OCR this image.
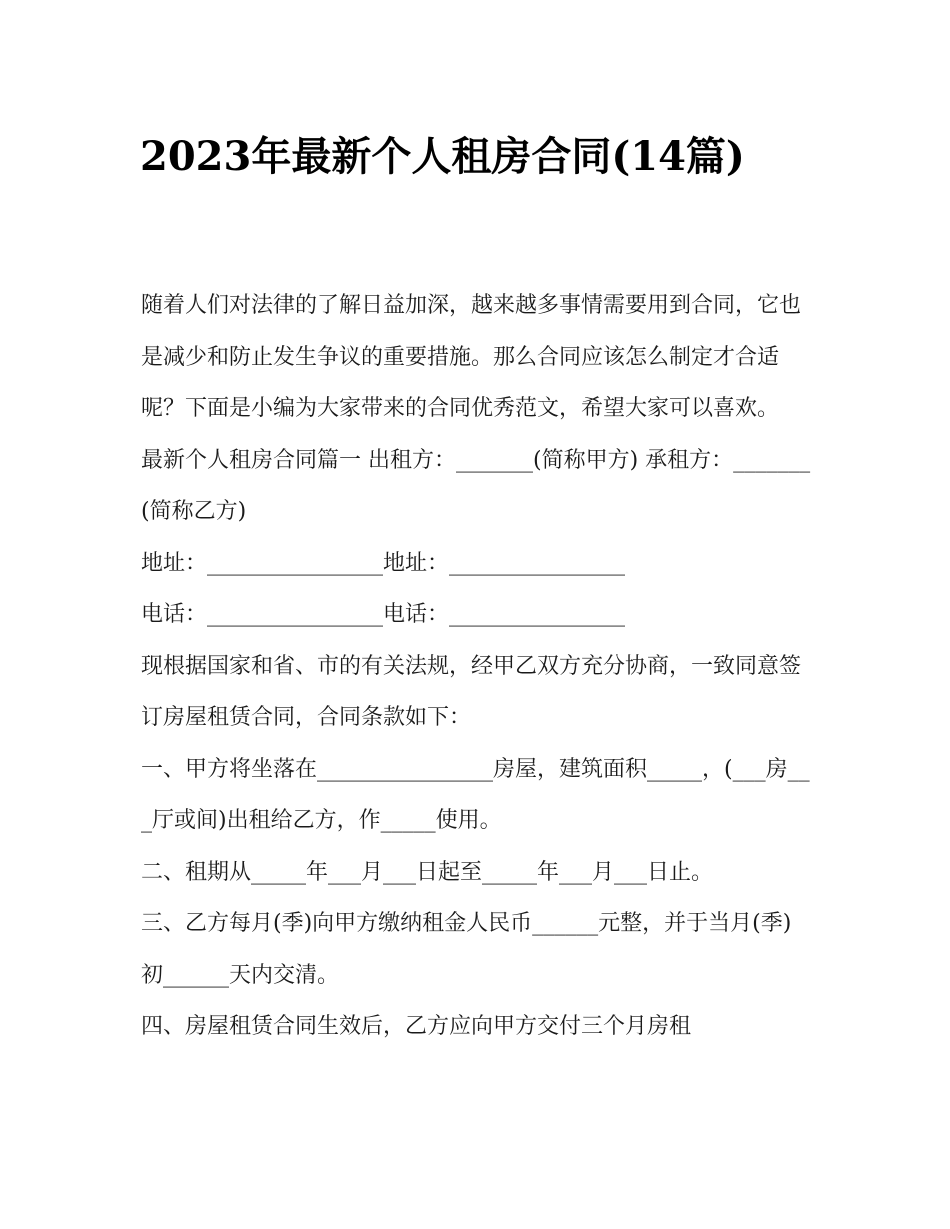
2023年最新个人租房合同(14篇)

随着人们对法律的了解日益加深，越来越多事情需要用到合同，它也是减少和防止发生争议的重要措施。那么合同应该怎么制定才合适呢？下面是小编为大家带来的合同优秀范文，希望大家可以喜欢。

最新个人租房合同篇一 出租方：_______(简称甲方) 承租方：_______(简称乙方)

地址：________________地址：________________

电话：________________电话：________________

现根据国家和省、市的有关法规，经甲乙双方充分协商，一致同意签订房屋租赁合同，合同条款如下：

一、甲方将坐落在________________房屋，建筑面积_____，(___房___厅或间)出租给乙方，作_____使用。

二、租期从_____年___月___日起至_____年___月___日止。

三、乙方每月(季)向甲方缴纳租金人民币______元整，并于当月(季)初______天内交清。

四、房屋租赁合同生效后，乙方应向甲方交付三个月房租
